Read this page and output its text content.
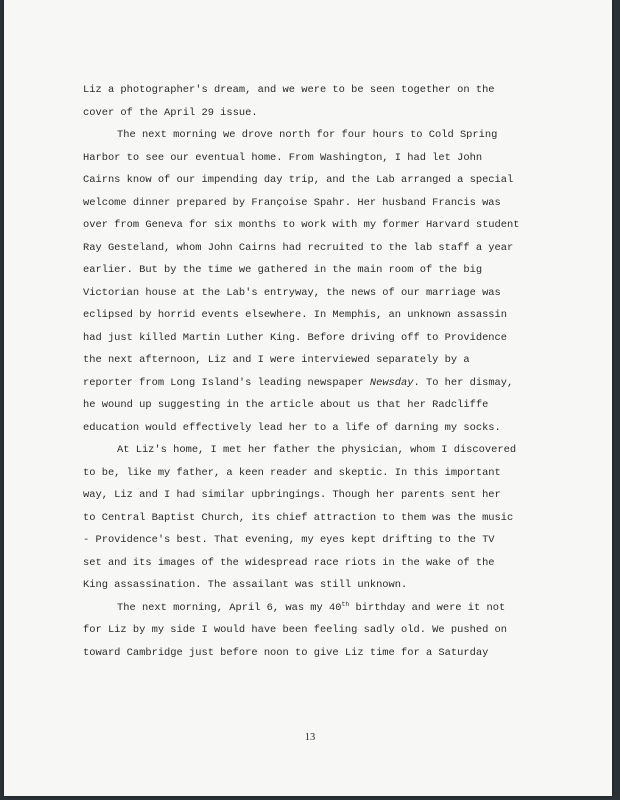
Liz a photographer's dream, and we were to be seen together on the
cover of the April 29 issue.
The next morning we drove north for four hours to Cold Spring
Harbor to see our eventual home. From Washington, I had let John
Cairns know of our impending day trip, and the Lab arranged a special
welcome dinner prepared by Françoise Spahr. Her husband Francis was
over from Geneva for six months to work with my former Harvard student
Ray Gesteland, whom John Cairns had recruited to the lab staff a year
earlier. But by the time we gathered in the main room of the big
Victorian house at the Lab's entryway, the news of our marriage was
eclipsed by horrid events elsewhere. In Memphis, an unknown assassin
had just killed Martin Luther King. Before driving off to Providence
the next afternoon, Liz and I were interviewed separately by a
reporter from Long Island's leading newspaper Newsday. To her dismay,
he wound up suggesting in the article about us that her Radcliffe
education would effectively lead her to a life of darning my socks.
At Liz's home, I met her father the physician, whom I discovered
to be, like my father, a keen reader and skeptic. In this important
way, Liz and I had similar upbringings. Though her parents sent her
to Central Baptist Church, its chief attraction to them was the music
- Providence's best. That evening, my eyes kept drifting to the TV
set and its images of the widespread race riots in the wake of the
King assassination. The assailant was still unknown.
The next morning, April 6, was my 40th birthday and were it not
for Liz by my side I would have been feeling sadly old. We pushed on
toward Cambridge just before noon to give Liz time for a Saturday
13
